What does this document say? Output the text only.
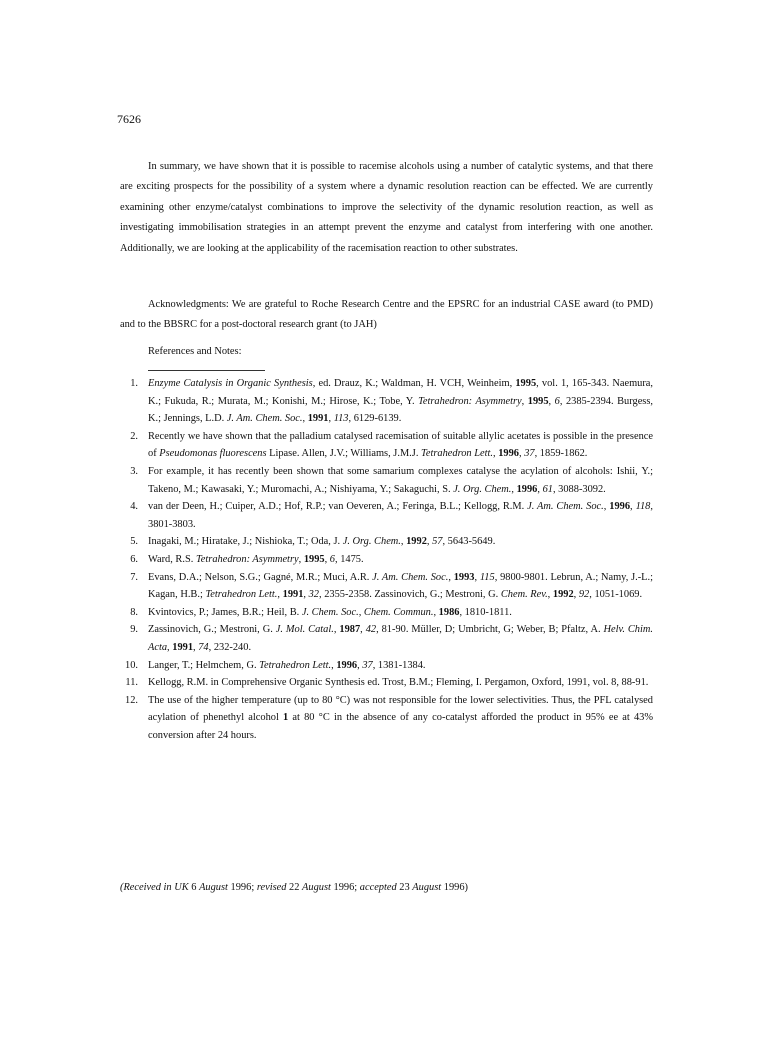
7626

In summary, we have shown that it is possible to racemise alcohols using a number of catalytic systems, and that there are exciting prospects for the possibility of a system where a dynamic resolution reaction can be effected. We are currently examining other enzyme/catalyst combinations to improve the selectivity of the dynamic resolution reaction, as well as investigating immobilisation strategies in an attempt prevent the enzyme and catalyst from interfering with one another. Additionally, we are looking at the applicability of the racemisation reaction to other substrates.

Acknowledgments: We are grateful to Roche Research Centre and the EPSRC for an industrial CASE award (to PMD) and to the BBSRC for a post-doctoral research grant (to JAH)

References and Notes:
1. Enzyme Catalysis in Organic Synthesis, ed. Drauz, K.; Waldman, H. VCH, Weinheim, 1995, vol. 1, 165-343. Naemura, K.; Fukuda, R.; Murata, M.; Konishi, M.; Hirose, K.; Tobe, Y. Tetrahedron: Asymmetry, 1995, 6, 2385-2394. Burgess, K.; Jennings, L.D. J. Am. Chem. Soc., 1991, 113, 6129-6139.
2. Recently we have shown that the palladium catalysed racemisation of suitable allylic acetates is possible in the presence of Pseudomonas fluorescens Lipase. Allen, J.V.; Williams, J.M.J. Tetrahedron Lett., 1996, 37, 1859-1862.
3. For example, it has recently been shown that some samarium complexes catalyse the acylation of alcohols: Ishii, Y.; Takeno, M.; Kawasaki, Y.; Muromachi, A.; Nishiyama, Y.; Sakaguchi, S. J. Org. Chem., 1996, 61, 3088-3092.
4. van der Deen, H.; Cuiper, A.D.; Hof, R.P.; van Oeveren, A.; Feringa, B.L.; Kellogg, R.M. J. Am. Chem. Soc., 1996, 118, 3801-3803.
5. Inagaki, M.; Hiratake, J.; Nishioka, T.; Oda, J. J. Org. Chem., 1992, 57, 5643-5649.
6. Ward, R.S. Tetrahedron: Asymmetry, 1995, 6, 1475.
7. Evans, D.A.; Nelson, S.G.; Gagné, M.R.; Muci, A.R. J. Am. Chem. Soc., 1993, 115, 9800-9801. Lebrun, A.; Namy, J.-L.; Kagan, H.B.; Tetrahedron Lett., 1991, 32, 2355-2358. Zassinovich, G.; Mestroni, G. Chem. Rev., 1992, 92, 1051-1069.
8. Kvintovics, P.; James, B.R.; Heil, B. J. Chem. Soc., Chem. Commun., 1986, 1810-1811.
9. Zassinovich, G.; Mestroni, G. J. Mol. Catal., 1987, 42, 81-90. Müller, D; Umbricht, G; Weber, B; Pfaltz, A. Helv. Chim. Acta, 1991, 74, 232-240.
10. Langer, T.; Helmchem, G. Tetrahedron Lett., 1996, 37, 1381-1384.
11. Kellogg, R.M. in Comprehensive Organic Synthesis ed. Trost, B.M.; Fleming, I. Pergamon, Oxford, 1991, vol. 8, 88-91.
12. The use of the higher temperature (up to 80 °C) was not responsible for the lower selectivities. Thus, the PFL catalysed acylation of phenethyl alcohol 1 at 80 °C in the absence of any co-catalyst afforded the product in 95% ee at 43% conversion after 24 hours.
(Received in UK 6 August 1996; revised 22 August 1996; accepted 23 August 1996)
